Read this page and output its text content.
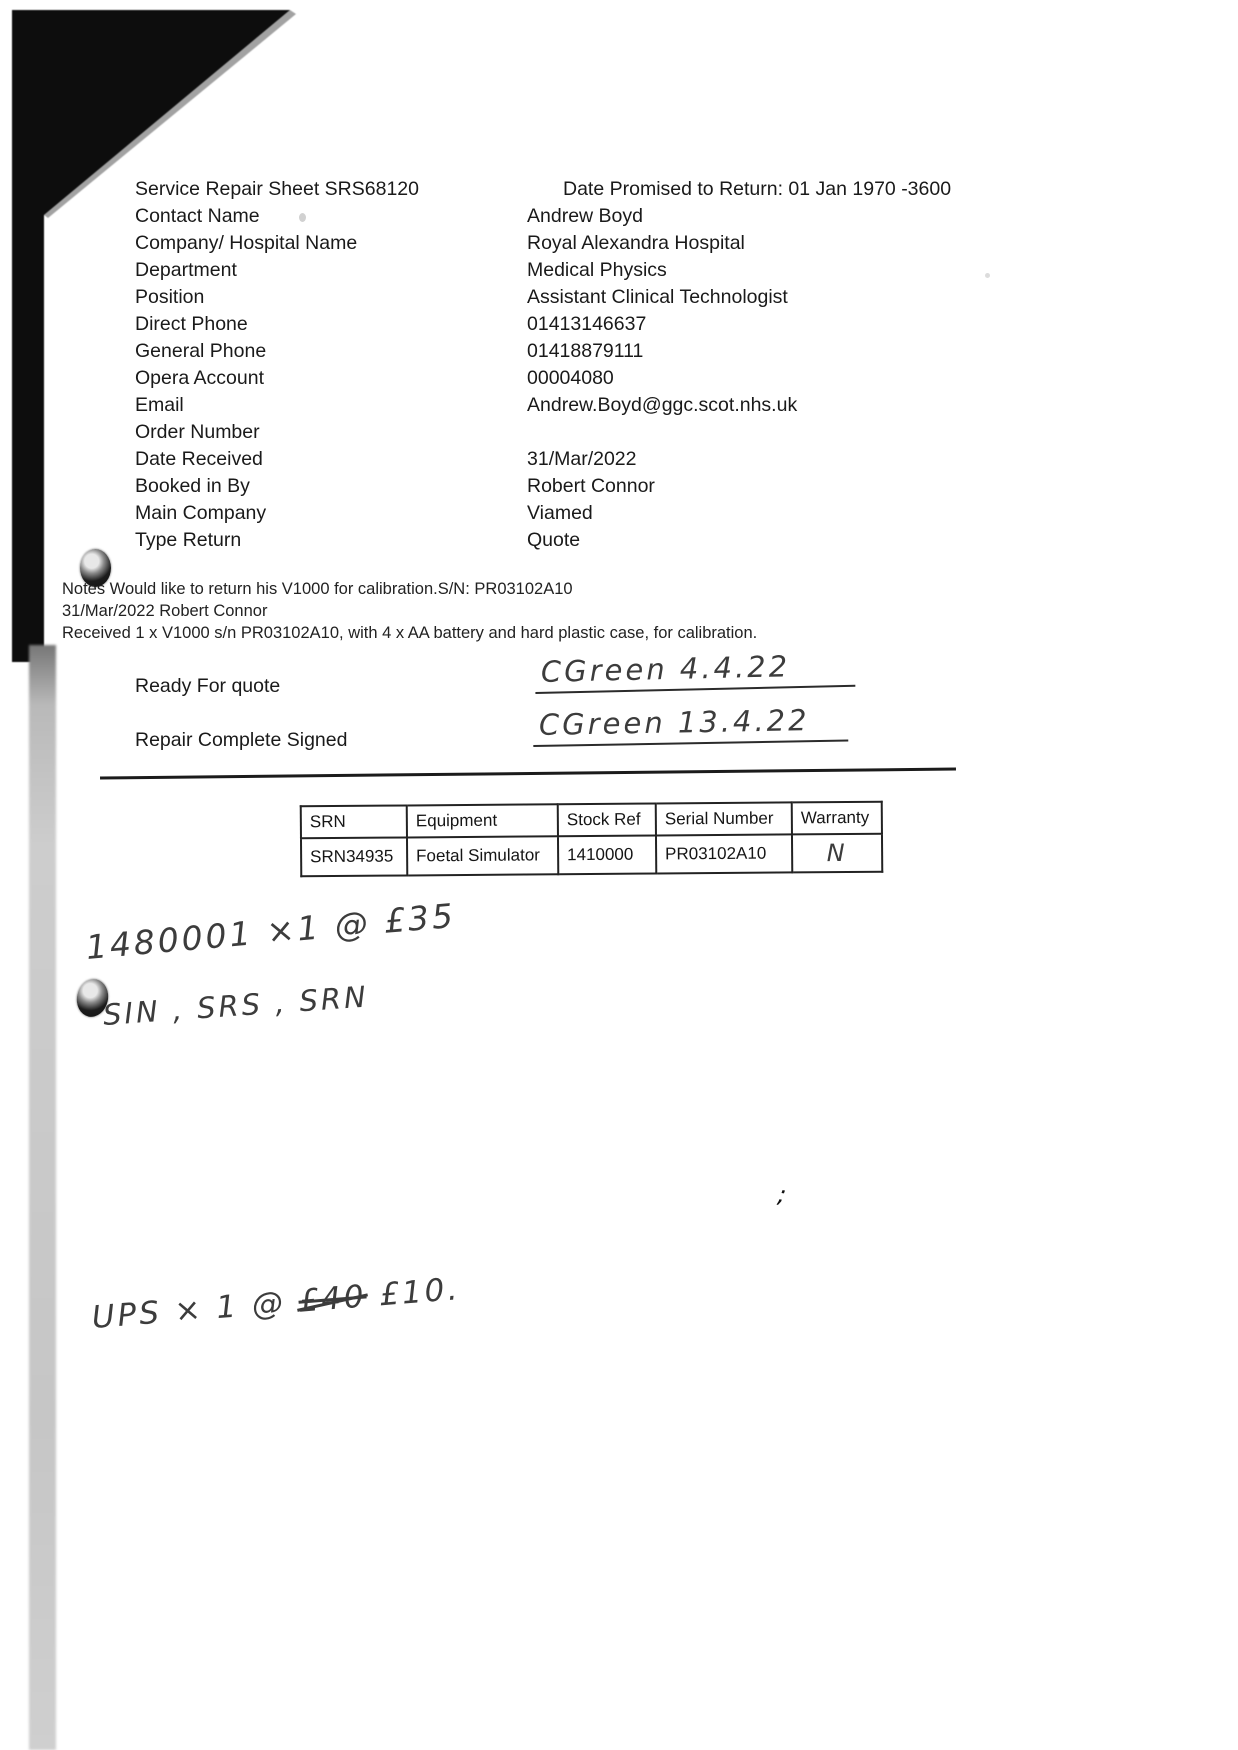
Service Repair Sheet SRS68120	Date Promised to Return: 01 Jan 1970 -3600
Contact Name	Andrew Boyd
Company/ Hospital Name	Royal Alexandra Hospital
Department	Medical Physics
Position	Assistant Clinical Technologist
Direct Phone	01413146637
General Phone	01418879111
Opera Account	00004080
Email	Andrew.Boyd@ggc.scot.nhs.uk
Order Number
Date Received	31/Mar/2022
Booked in By	Robert Connor
Main Company	Viamed
Type Return	Quote
Notes Would like to return his V1000 for calibration.S/N: PR03102A10
31/Mar/2022 Robert Connor
Received 1 x V1000 s/n PR03102A10, with 4 x AA battery and hard plastic case, for calibration.
Ready For quote	CGreen 4.4.22
Repair Complete Signed	CGreen 13.4.22
SRN	Equipment	Stock Ref	Serial Number	Warranty
SRN34935	Foetal Simulator	1410000	PR03102A10	N
1480001 ×1 @ £35
SIN , SRS , SRN
;
UPS × 1 @ £40 £10.
